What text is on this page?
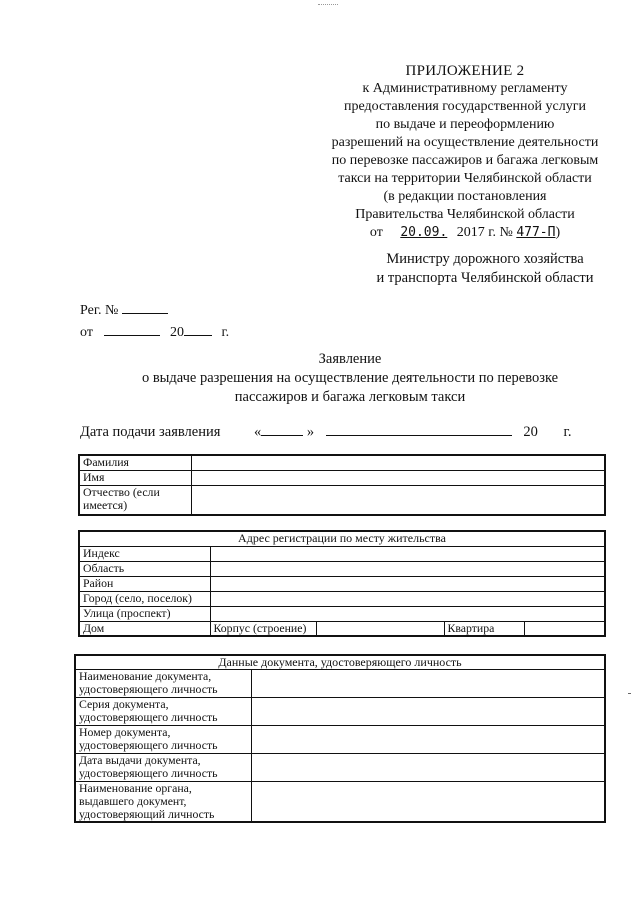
ПРИЛОЖЕНИЕ 2
к Административному регламенту
предоставления государственной услуги
по выдаче и переоформлению
разрешений на осуществление деятельности
по перевозке пассажиров и багажа легковым
такси на территории Челябинской области
(в редакции постановления
Правительства Челябинской области
от 20.09. 2017 г. № 477-П)
Министру дорожного хозяйства
и транспорта Челябинской области
Рег. №
от	20	г.
Заявление
о выдаче разрешения на осуществление деятельности по перевозке
пассажиров и багажа легковым такси
Дата подачи заявления «	»	20 г.
Фамилия	
Имя	
Отчество (если имеется)	
Адрес регистрации по месту жительства				
Индекс				
Область				
Район				
Город (село, поселок)				
Улица (проспект)				
Дом	Корпус (строение)		Квартира	
Данные документа, удостоверяющего личность	
Наименование документа, удостоверяющего личность	
Серия документа, удостоверяющего личность	
Номер документа, удостоверяющего личность	
Дата выдачи документа, удостоверяющего личность	
Наименование органа, выдавшего документ, удостоверяющий личность	
